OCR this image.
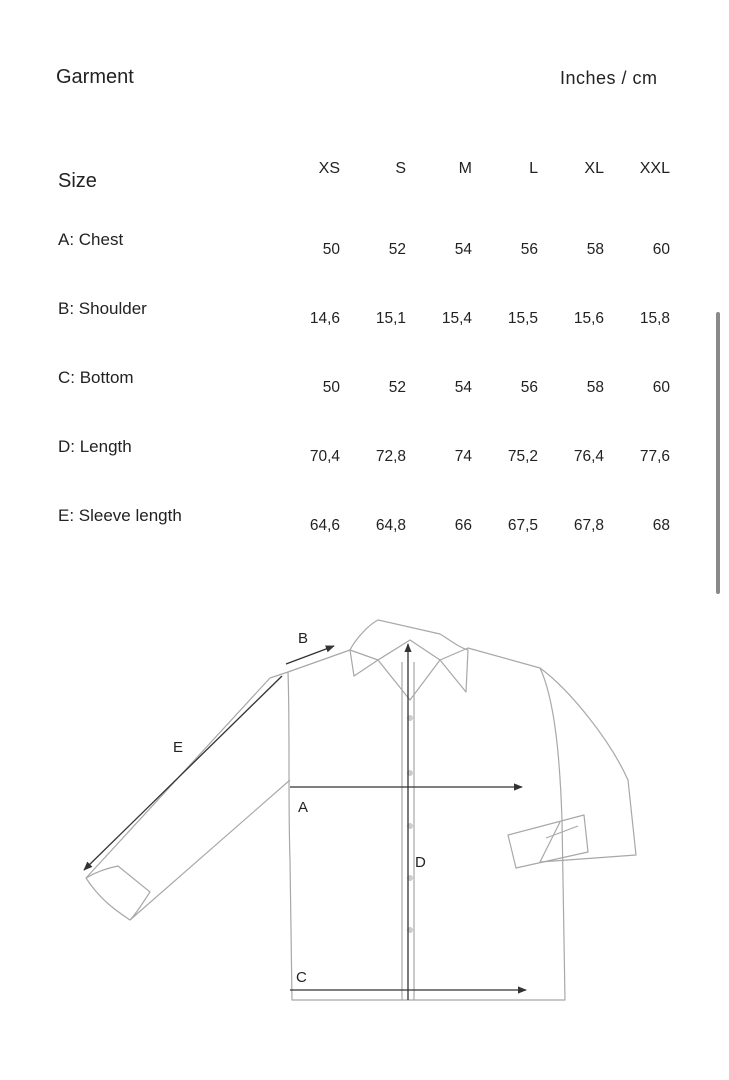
Garment	Inches / cm
Size
XS	S	M	L	XL	XXL
A: Chest
50	52	54	56	58	60
B: Shoulder
14,6	15,1	15,4	15,5	15,6	15,8
C: Bottom
50	52	54	56	58	60
D: Length
70,4	72,8	74	75,2	76,4	77,6
E: Sleeve length
64,6	64,8	66	67,5	67,8	68
B
E
A
D
C
